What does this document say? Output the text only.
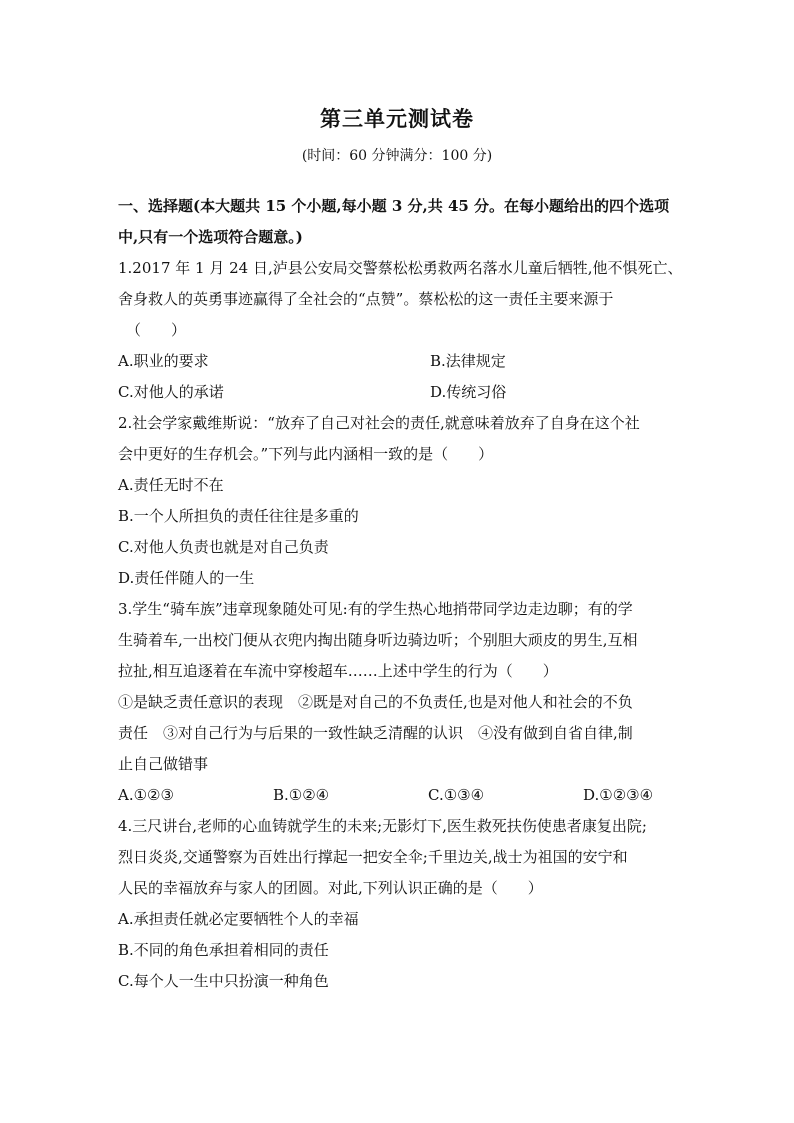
第三单元测试卷
(时间：60 分钟满分：100 分)
一、选择题(本大题共 15 个小题,每小题 3 分,共 45 分。在每小题给出的四个选项
中,只有一个选项符合题意。)
1.2017 年 1 月 24 日,泸县公安局交警蔡松松勇救两名落水儿童后牺牲,他不惧死亡、
舍身救人的英勇事迹赢得了全社会的“点赞”。蔡松松的这一责任主要来源于
（　　）
A.职业的要求	B.法律规定
C.对他人的承诺	D.传统习俗
2.社会学家戴维斯说：“放弃了自己对社会的责任,就意味着放弃了自身在这个社
会中更好的生存机会。”下列与此内涵相一致的是（　　）
A.责任无时不在
B.一个人所担负的责任往往是多重的
C.对他人负责也就是对自己负责
D.责任伴随人的一生
3.学生“骑车族”违章现象随处可见:有的学生热心地捎带同学边走边聊；有的学
生骑着车,一出校门便从衣兜内掏出随身听边骑边听；个别胆大顽皮的男生,互相
拉扯,相互追逐着在车流中穿梭超车……上述中学生的行为（　　）
①是缺乏责任意识的表现　②既是对自己的不负责任,也是对他人和社会的不负
责任　③对自己行为与后果的一致性缺乏清醒的认识　④没有做到自省自律,制
止自己做错事
A.①②③	B.①②④	C.①③④	D.①②③④
4.三尺讲台,老师的心血铸就学生的未来;无影灯下,医生救死扶伤使患者康复出院;
烈日炎炎,交通警察为百姓出行撑起一把安全伞;千里边关,战士为祖国的安宁和
人民的幸福放弃与家人的团圆。对此,下列认识正确的是（　　）
A.承担责任就必定要牺牲个人的幸福
B.不同的角色承担着相同的责任
C.每个人一生中只扮演一种角色
